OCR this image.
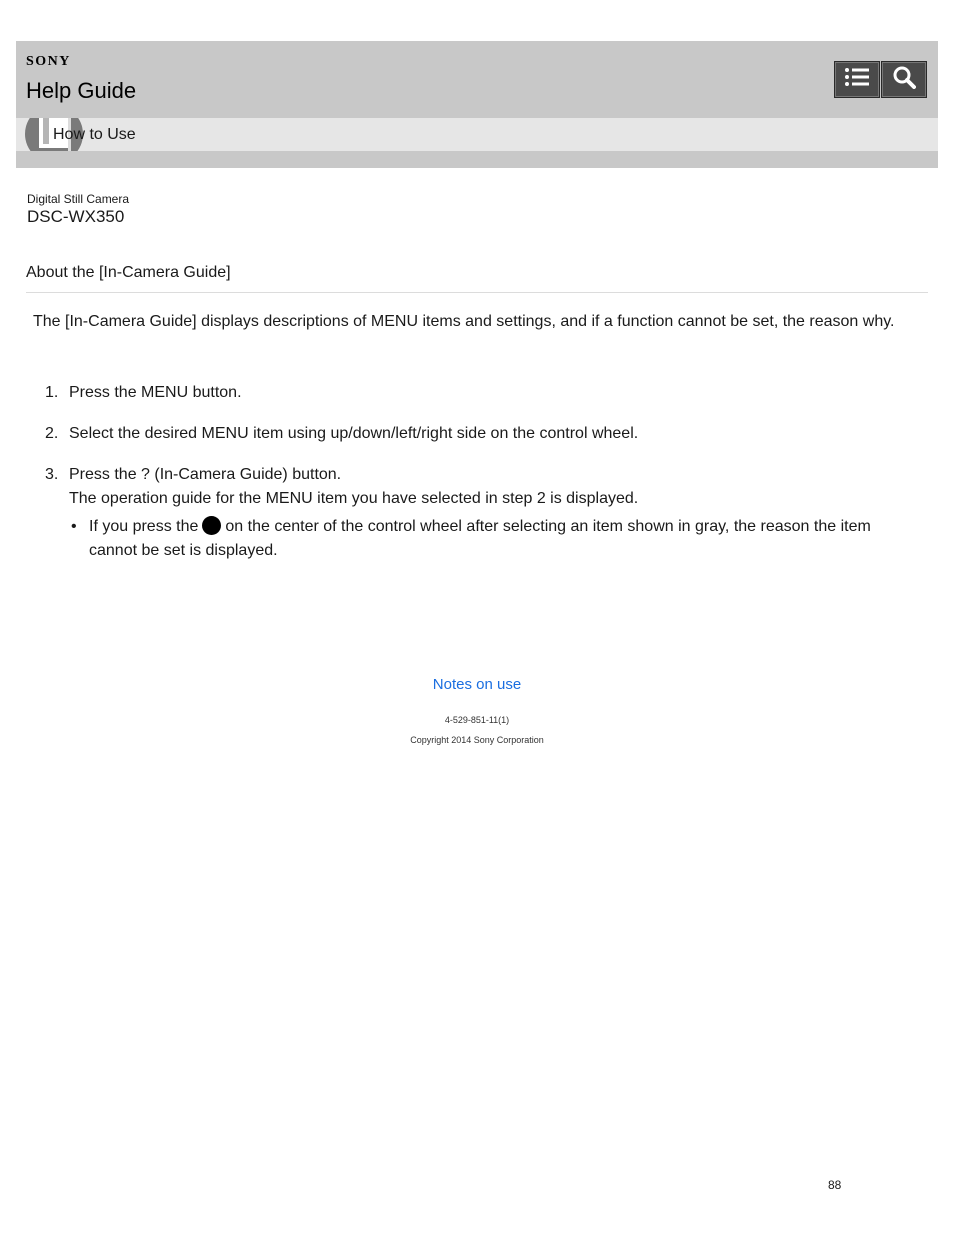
SONY
Help Guide
How to Use
Digital Still Camera
DSC-WX350
About the [In-Camera Guide]
The [In-Camera Guide] displays descriptions of MENU items and settings, and if a function cannot be set, the reason why.
1. Press the MENU button.
2. Select the desired MENU item using up/down/left/right side on the control wheel.
3. Press the ? (In-Camera Guide) button.
The operation guide for the MENU item you have selected in step 2 is displayed.
• If you press the on the center of the control wheel after selecting an item shown in gray, the reason the item cannot be set is displayed.
Notes on use
4-529-851-11(1)
Copyright 2014 Sony Corporation
88
